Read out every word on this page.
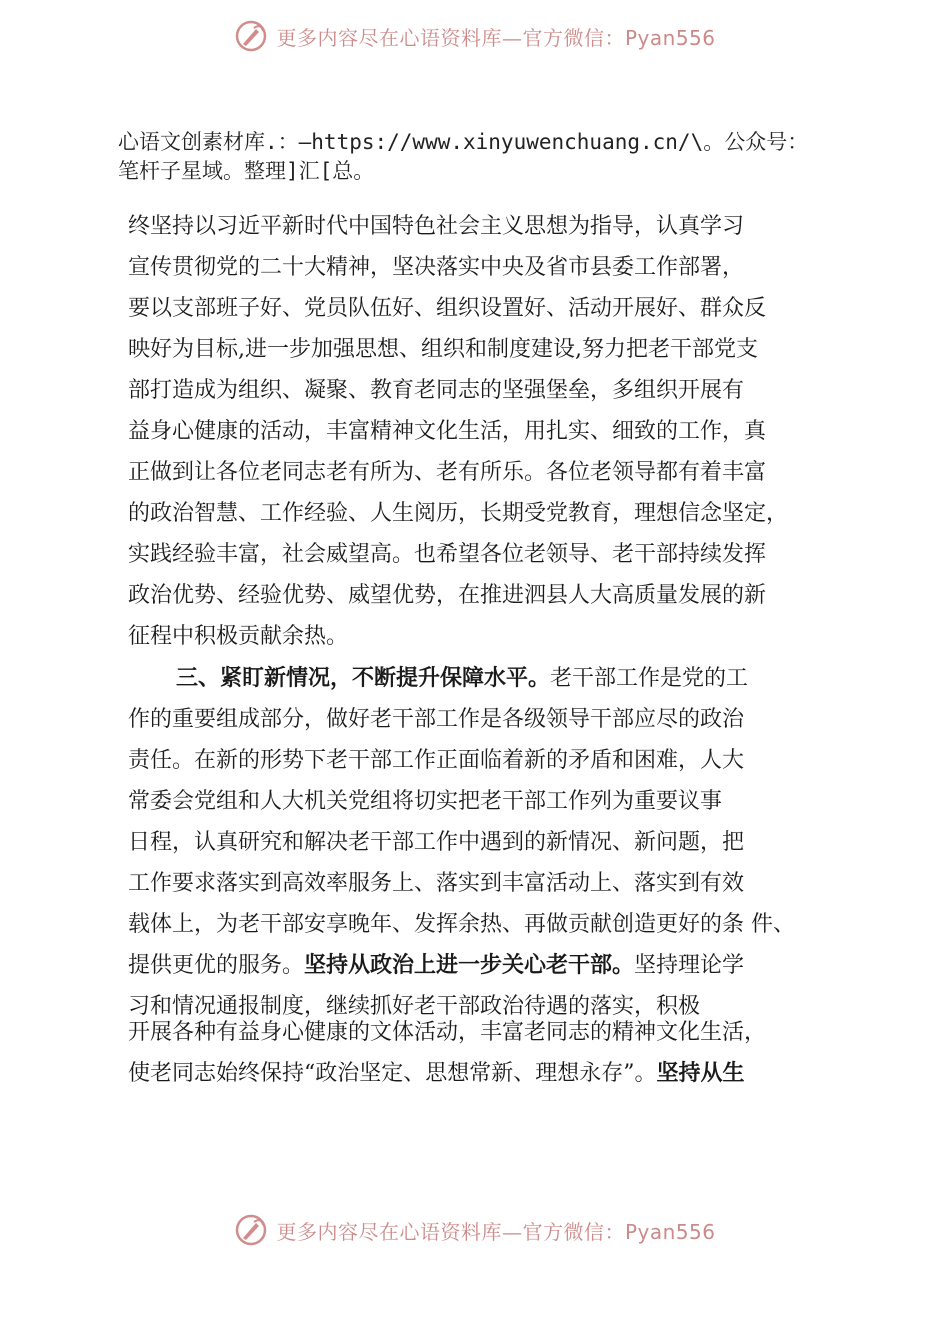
更多内容尽在心语资料库—官方微信：Pyan556
心语文创素材库.：—https://www.xinyuwenchuang.cn/\。公众号：
笔杆子星域。整理]汇[总。
终坚持以习近平新时代中国特色社会主义思想为指导，认真学习
宣传贯彻党的二十大精神，坚决落实中央及省市县委工作部署，
要以支部班子好、党员队伍好、组织设置好、活动开展好、群众反
映好为目标,进一步加强思想、组织和制度建设,努力把老干部党支
部打造成为组织、凝聚、教育老同志的坚强堡垒，多组织开展有
益身心健康的活动，丰富精神文化生活，用扎实、细致的工作，真
正做到让各位老同志老有所为、老有所乐。各位老领导都有着丰富
的政治智慧、工作经验、人生阅历，长期受党教育，理想信念坚定，
实践经验丰富，社会威望高。也希望各位老领导、老干部持续发挥
政治优势、经验优势、威望优势，在推进泗县人大高质量发展的新
征程中积极贡献余热。
三、紧盯新情况，不断提升保障水平。老干部工作是党的工
作的重要组成部分，做好老干部工作是各级领导干部应尽的政治
责任。在新的形势下老干部工作正面临着新的矛盾和困难，人大
常委会党组和人大机关党组将切实把老干部工作列为重要议事
日程，认真研究和解决老干部工作中遇到的新情况、新问题，把
工作要求落实到高效率服务上、落实到丰富活动上、落实到有效
载体上，为老干部安享晚年、发挥余热、再做贡献创造更好的条 件、
提供更优的服务。坚持从政治上进一步关心老干部。坚持理论学
习和情况通报制度，继续抓好老干部政治待遇的落实，积极
开展各种有益身心健康的文体活动，丰富老同志的精神文化生活，
使老同志始终保持“政治坚定、思想常新、理想永存”。坚持从生
更多内容尽在心语资料库—官方微信：Pyan556
